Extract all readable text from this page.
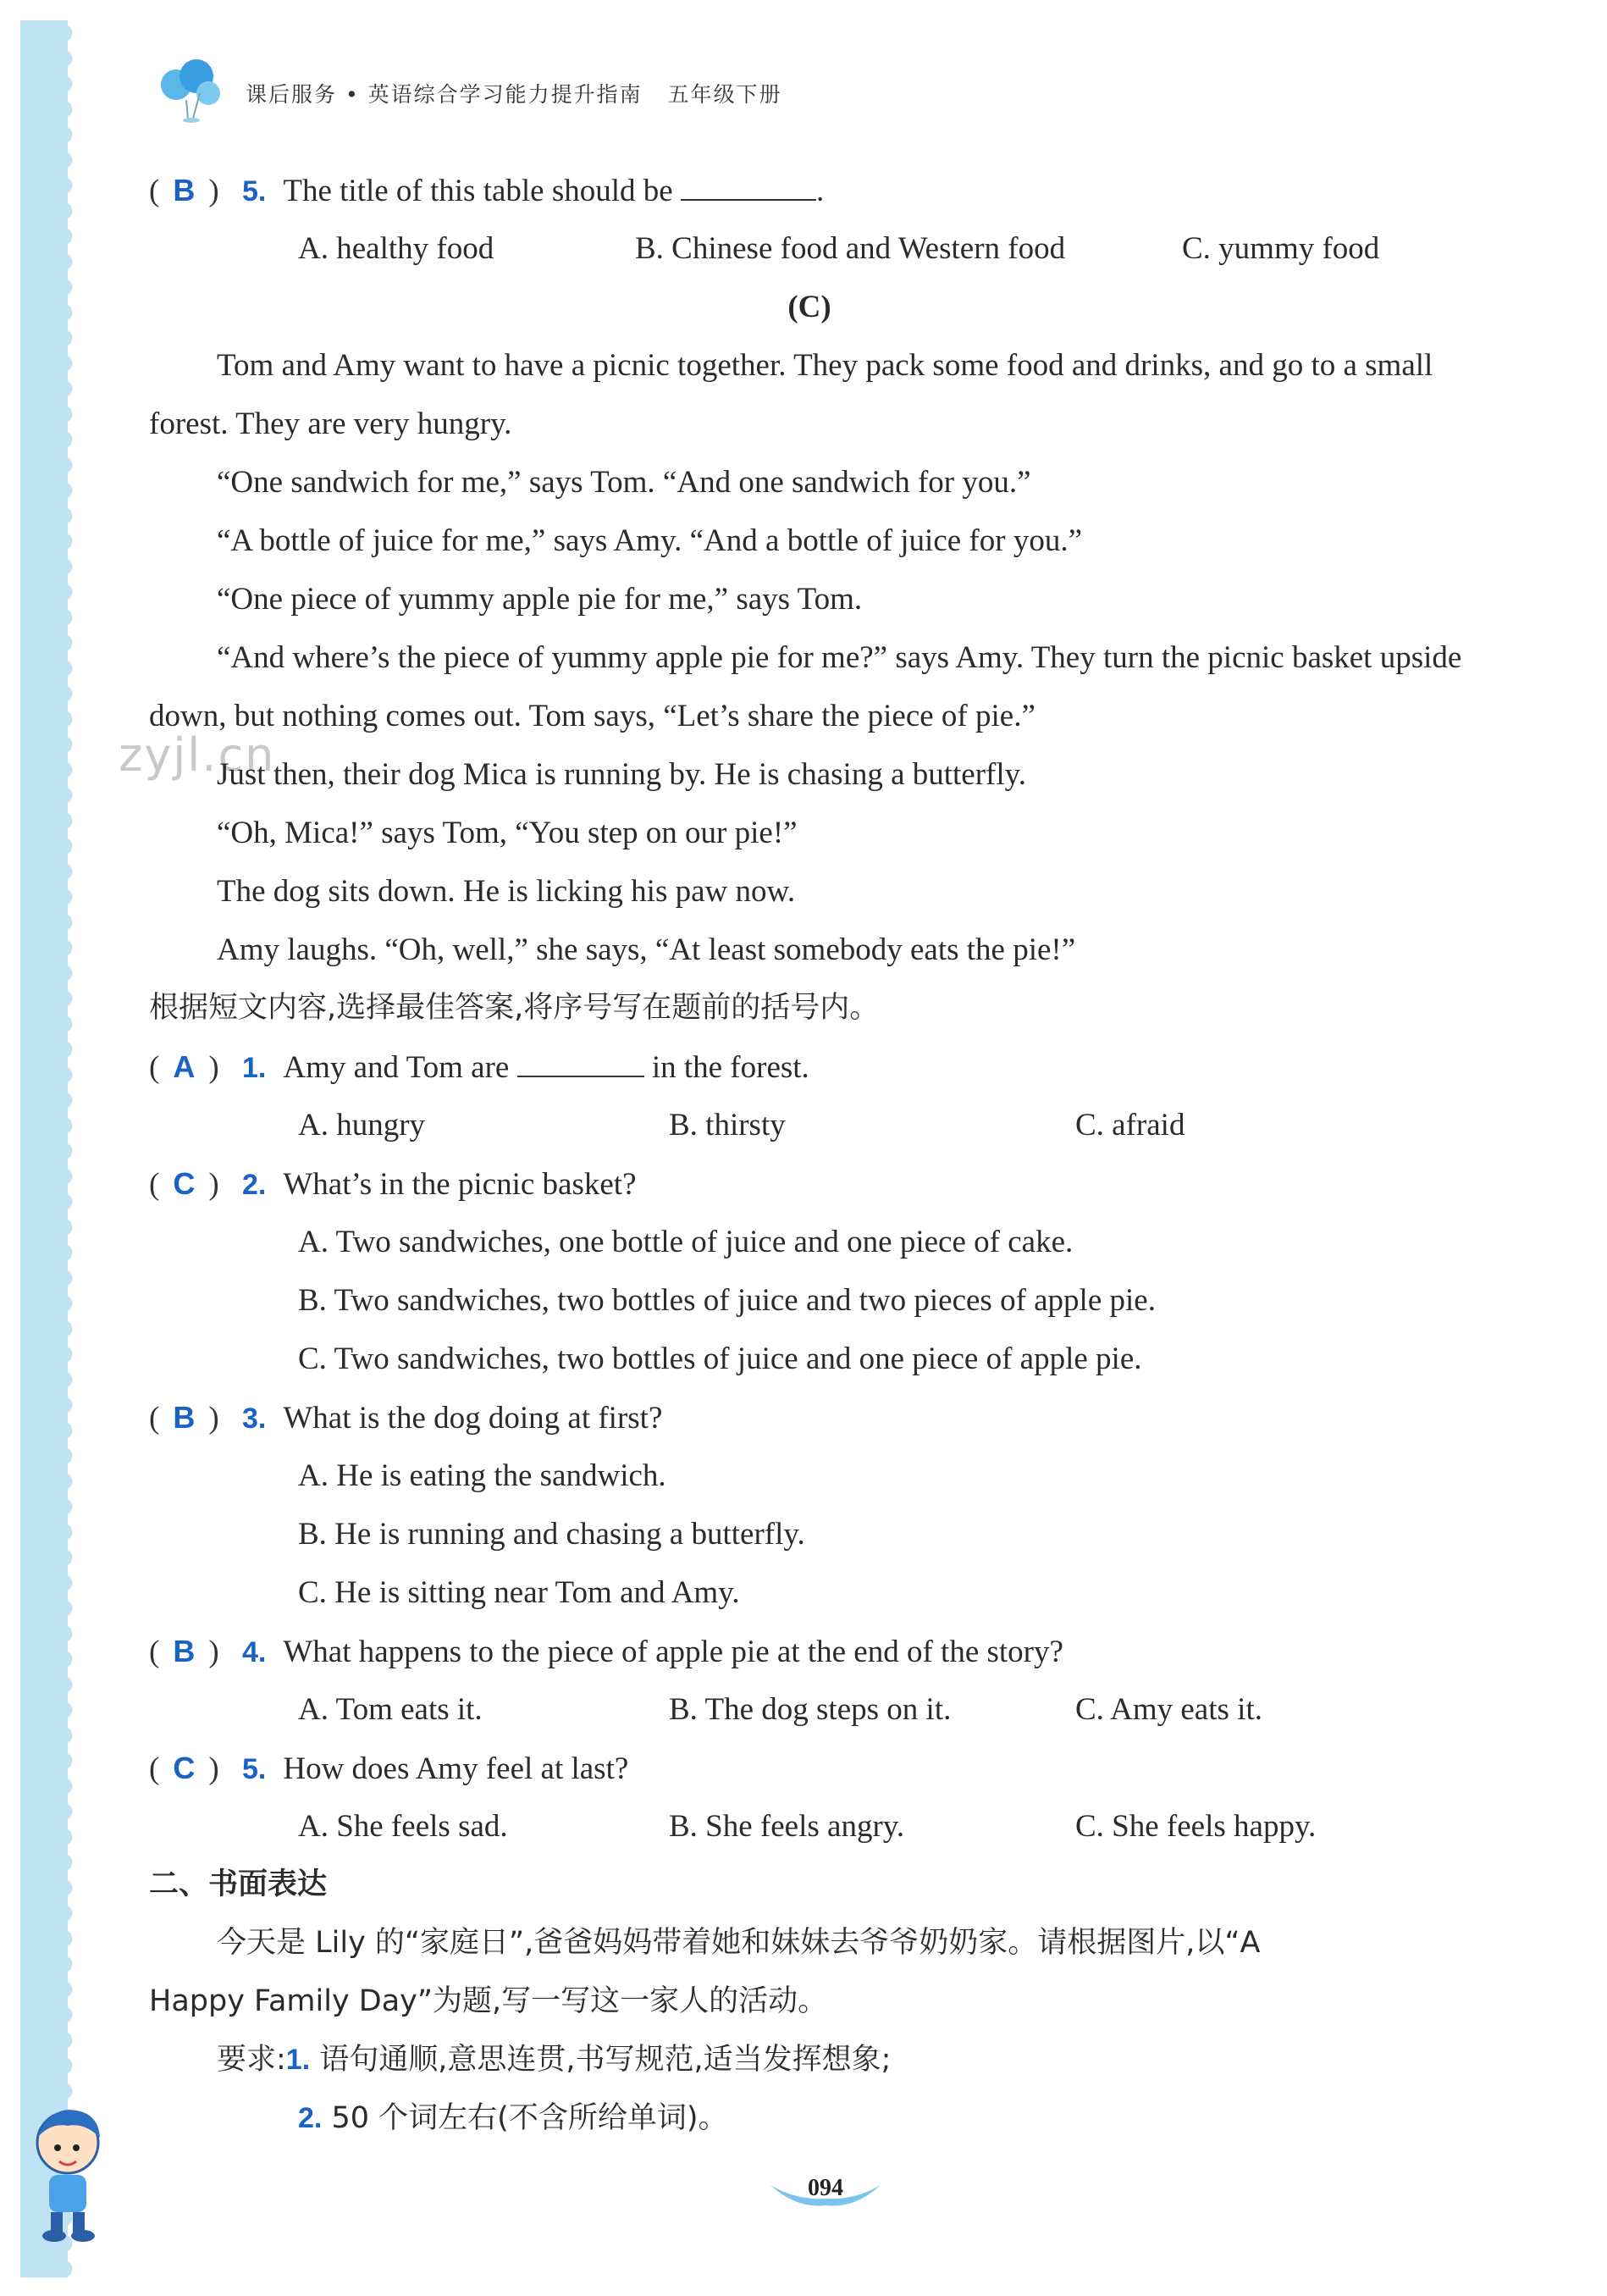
课后服务 • 英语综合学习能力提升指南 五年级下册
zyjl.cn
( B ) 5. The title of this table should be	.
A. healthy food	B. Chinese food and Western food	C. yummy food
(C)
Tom and Amy want to have a picnic together. They pack some food and drinks, and go to a small forest. They are very hungry.
“One sandwich for me,” says Tom. “And one sandwich for you.”
“A bottle of juice for me,” says Amy. “And a bottle of juice for you.”
“One piece of yummy apple pie for me,” says Tom.
“And where’s the piece of yummy apple pie for me?” says Amy. They turn the picnic basket upside down, but nothing comes out. Tom says, “Let’s share the piece of pie.”
Just then, their dog Mica is running by. He is chasing a butterfly.
“Oh, Mica!” says Tom, “You step on our pie!”
The dog sits down. He is licking his paw now.
Amy laughs. “Oh, well,” she says, “At least somebody eats the pie!”
根据短文内容,选择最佳答案,将序号写在题前的括号内。
( A ) 1. Amy and Tom are	in the forest.
A. hungry	B. thirsty	C. afraid
( C ) 2. What’s in the picnic basket?
A. Two sandwiches, one bottle of juice and one piece of cake.
B. Two sandwiches, two bottles of juice and two pieces of apple pie.
C. Two sandwiches, two bottles of juice and one piece of apple pie.
( B ) 3. What is the dog doing at first?
A. He is eating the sandwich.
B. He is running and chasing a butterfly.
C. He is sitting near Tom and Amy.
( B ) 4. What happens to the piece of apple pie at the end of the story?
A. Tom eats it.	B. The dog steps on it.	C. Amy eats it.
( C ) 5. How does Amy feel at last?
A. She feels sad.	B. She feels angry.	C. She feels happy.
二、书面表达
今天是 Lily 的“家庭日”,爸爸妈妈带着她和妹妹去爷爷奶奶家。请根据图片,以“A
Happy Family Day”为题,写一写这一家人的活动。
要求:1. 语句通顺,意思连贯,书写规范,适当发挥想象;
2. 50 个词左右(不含所给单词)。
094
